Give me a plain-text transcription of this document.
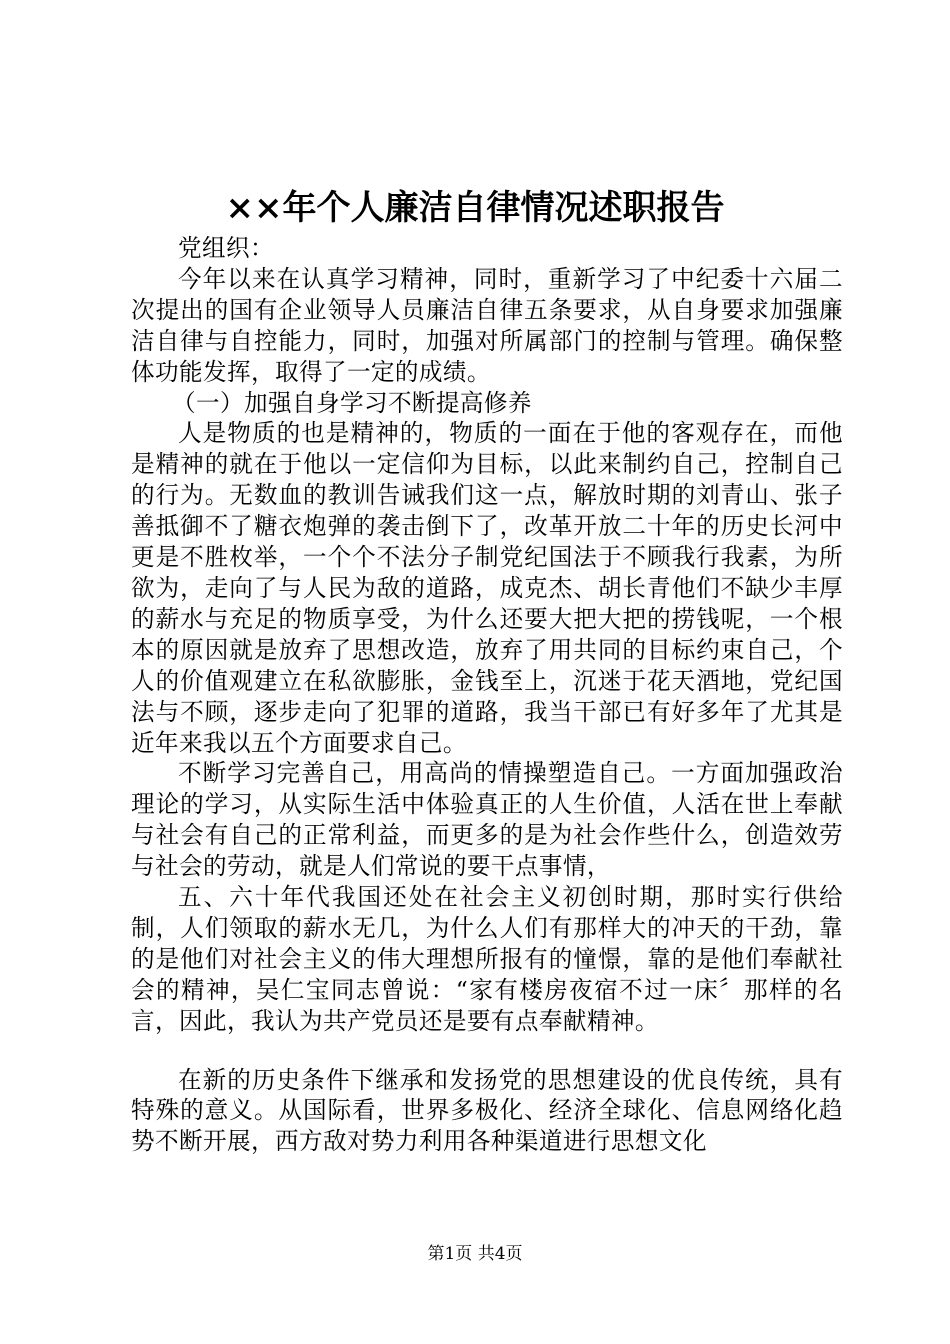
××年个人廉洁自律情况述职报告

党组织：

今年以来在认真学习精神，同时，重新学习了中纪委十六届二次提出的国有企业领导人员廉洁自律五条要求，从自身要求加强廉洁自律与自控能力，同时，加强对所属部门的控制与管理。确保整体功能发挥，取得了一定的成绩。

（一）加强自身学习不断提高修养

人是物质的也是精神的，物质的一面在于他的客观存在，而他是精神的就在于他以一定信仰为目标，以此来制约自己，控制自己的行为。无数血的教训告诫我们这一点，解放时期的刘青山、张子善抵御不了糖衣炮弹的袭击倒下了，改革开放二十年的历史长河中更是不胜枚举，一个个不法分子制党纪国法于不顾我行我素，为所欲为，走向了与人民为敌的道路，成克杰、胡长青他们不缺少丰厚的薪水与充足的物质享受，为什么还要大把大把的捞钱呢，一个根本的原因就是放弃了思想改造，放弃了用共同的目标约束自己，个人的价值观建立在私欲膨胀，金钱至上，沉迷于花天酒地，党纪国法与不顾，逐步走向了犯罪的道路，我当干部已有好多年了尤其是近年来我以五个方面要求自己。

不断学习完善自己，用高尚的情操塑造自己。一方面加强政治理论的学习，从实际生活中体验真正的人生价值，人活在世上奉献与社会有自己的正常利益，而更多的是为社会作些什么，创造效劳与社会的劳动，就是人们常说的要干点事情，

五、六十年代我国还处在社会主义初创时期，那时实行供给制，人们领取的薪水无几，为什么人们有那样大的冲天的干劲，靠的是他们对社会主义的伟大理想所报有的憧憬，靠的是他们奉献社会的精神，吴仁宝同志曾说：“家有楼房夜宿不过一床〞那样的名言，因此，我认为共产党员还是要有点奉献精神。

在新的历史条件下继承和发扬党的思想建设的优良传统，具有特殊的意义。从国际看，世界多极化、经济全球化、信息网络化趋势不断开展，西方敌对势力利用各种渠道进行思想文化

第1页 共4页
